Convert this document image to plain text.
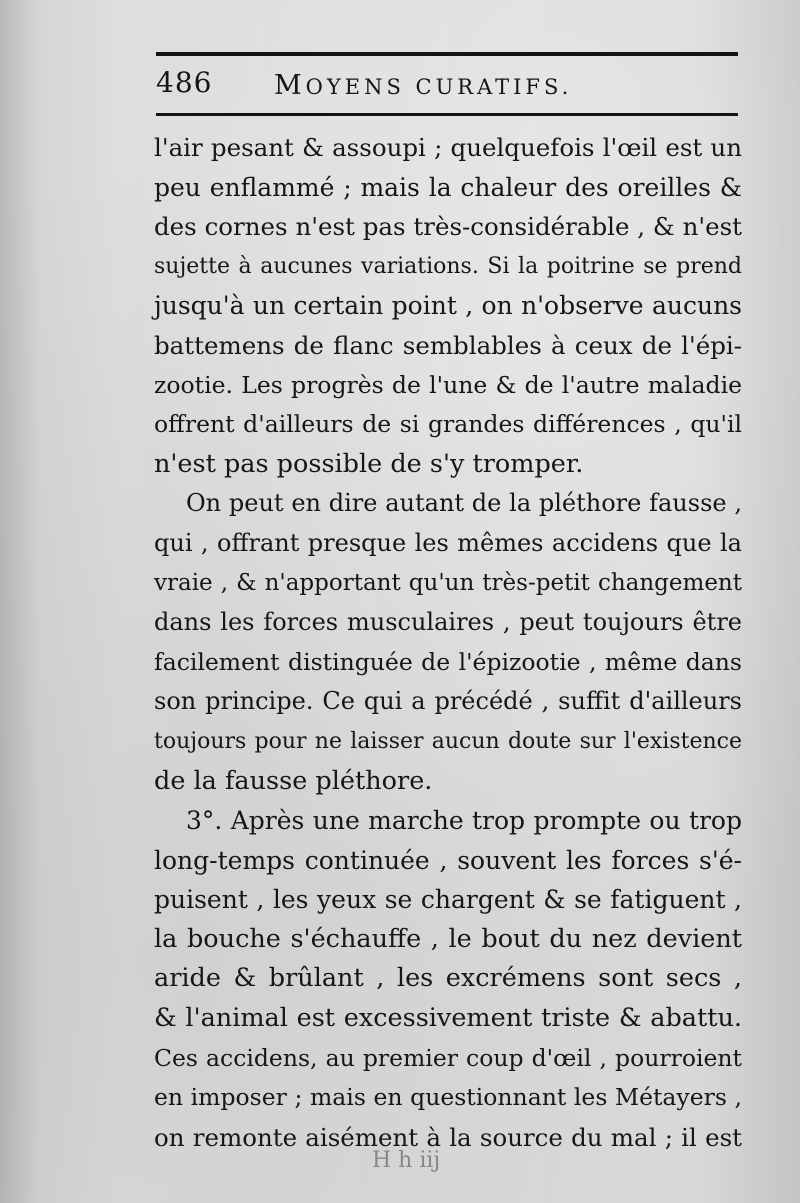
486 MOYENS CURATIFS.
l'air pesant & assoupi ; quelquefois l'œil est un
peu enflammé ; mais la chaleur des oreilles &
des cornes n'est pas très-considérable , & n'est
sujette à aucunes variations. Si la poitrine se prend
jusqu'à un certain point , on n'observe aucuns
battemens de flanc semblables à ceux de l'épi-
zootie. Les progrès de l'une & de l'autre maladie
offrent d'ailleurs de si grandes différences , qu'il
n'est pas possible de s'y tromper.
On peut en dire autant de la pléthore fausse ,
qui , offrant presque les mêmes accidens que la
vraie , & n'apportant qu'un très-petit changement
dans les forces musculaires , peut toujours être
facilement distinguée de l'épizootie , même dans
son principe. Ce qui a précédé , suffit d'ailleurs
toujours pour ne laisser aucun doute sur l'existence
de la fausse pléthore.
3°. Après une marche trop prompte ou trop
long-temps continuée , souvent les forces s'é-
puisent , les yeux se chargent & se fatiguent ,
la bouche s'échauffe , le bout du nez devient
aride & brûlant , les excrémens sont secs ,
& l'animal est excessivement triste & abattu.
Ces accidens, au premier coup d'œil , pourroient
en imposer ; mais en questionnant les Métayers ,
on remonte aisément à la source du mal ; il est
H h iij
